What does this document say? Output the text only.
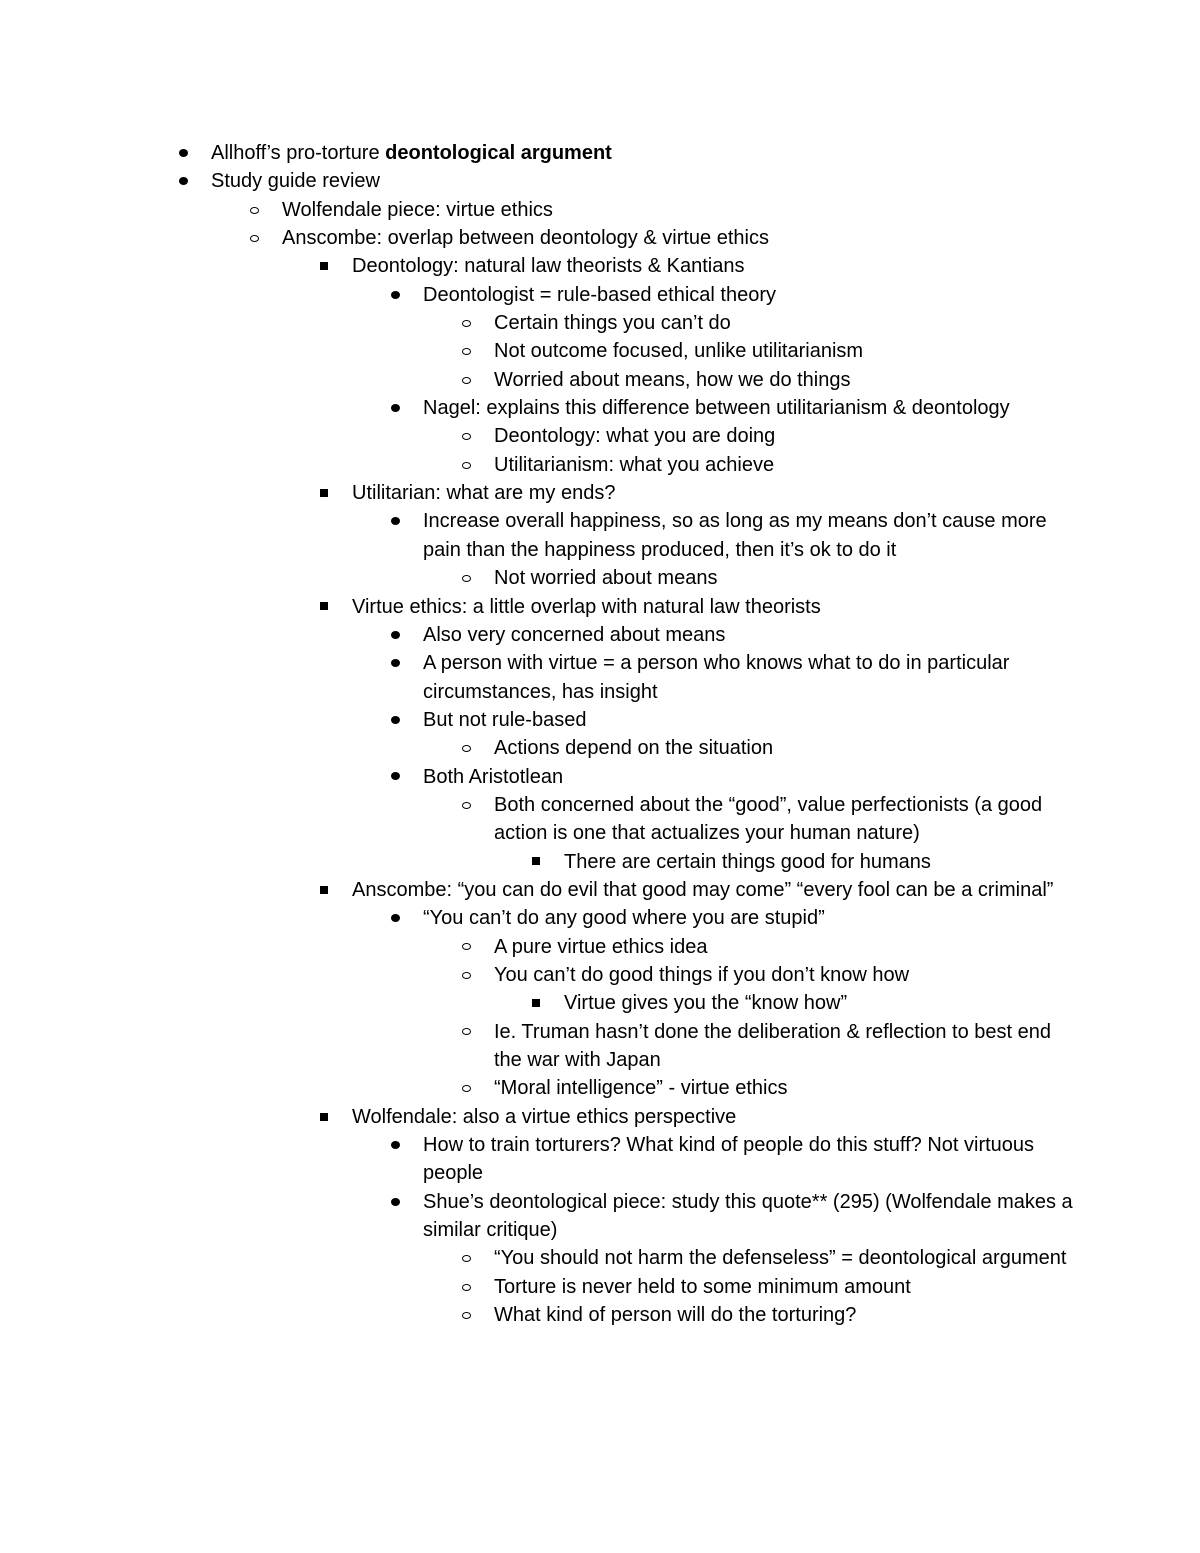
Allhoff’s pro-torture deontological argument
Study guide review
Wolfendale piece: virtue ethics
Anscombe: overlap between deontology & virtue ethics
Deontology: natural law theorists & Kantians
Deontologist = rule-based ethical theory
Certain things you can’t do
Not outcome focused, unlike utilitarianism
Worried about means, how we do things
Nagel: explains this difference between utilitarianism & deontology
Deontology: what you are doing
Utilitarianism: what you achieve
Utilitarian: what are my ends?
Increase overall happiness, so as long as my means don’t cause more pain than the happiness produced, then it’s ok to do it
Not worried about means
Virtue ethics: a little overlap with natural law theorists
Also very concerned about means
A person with virtue = a person who knows what to do in particular circumstances, has insight
But not rule-based
Actions depend on the situation
Both Aristotlean
Both concerned about the “good”, value perfectionists (a good action is one that actualizes your human nature)
There are certain things good for humans
Anscombe: “you can do evil that good may come” “every fool can be a criminal”
“You can’t do any good where you are stupid”
A pure virtue ethics idea
You can’t do good things if you don’t know how
Virtue gives you the “know how”
Ie. Truman hasn’t done the deliberation & reflection to best end the war with Japan
“Moral intelligence” - virtue ethics
Wolfendale: also a virtue ethics perspective
How to train torturers? What kind of people do this stuff? Not virtuous people
Shue’s deontological piece: study this quote** (295) (Wolfendale makes a similar critique)
“You should not harm the defenseless” = deontological argument
Torture is never held to some minimum amount
What kind of person will do the torturing?
